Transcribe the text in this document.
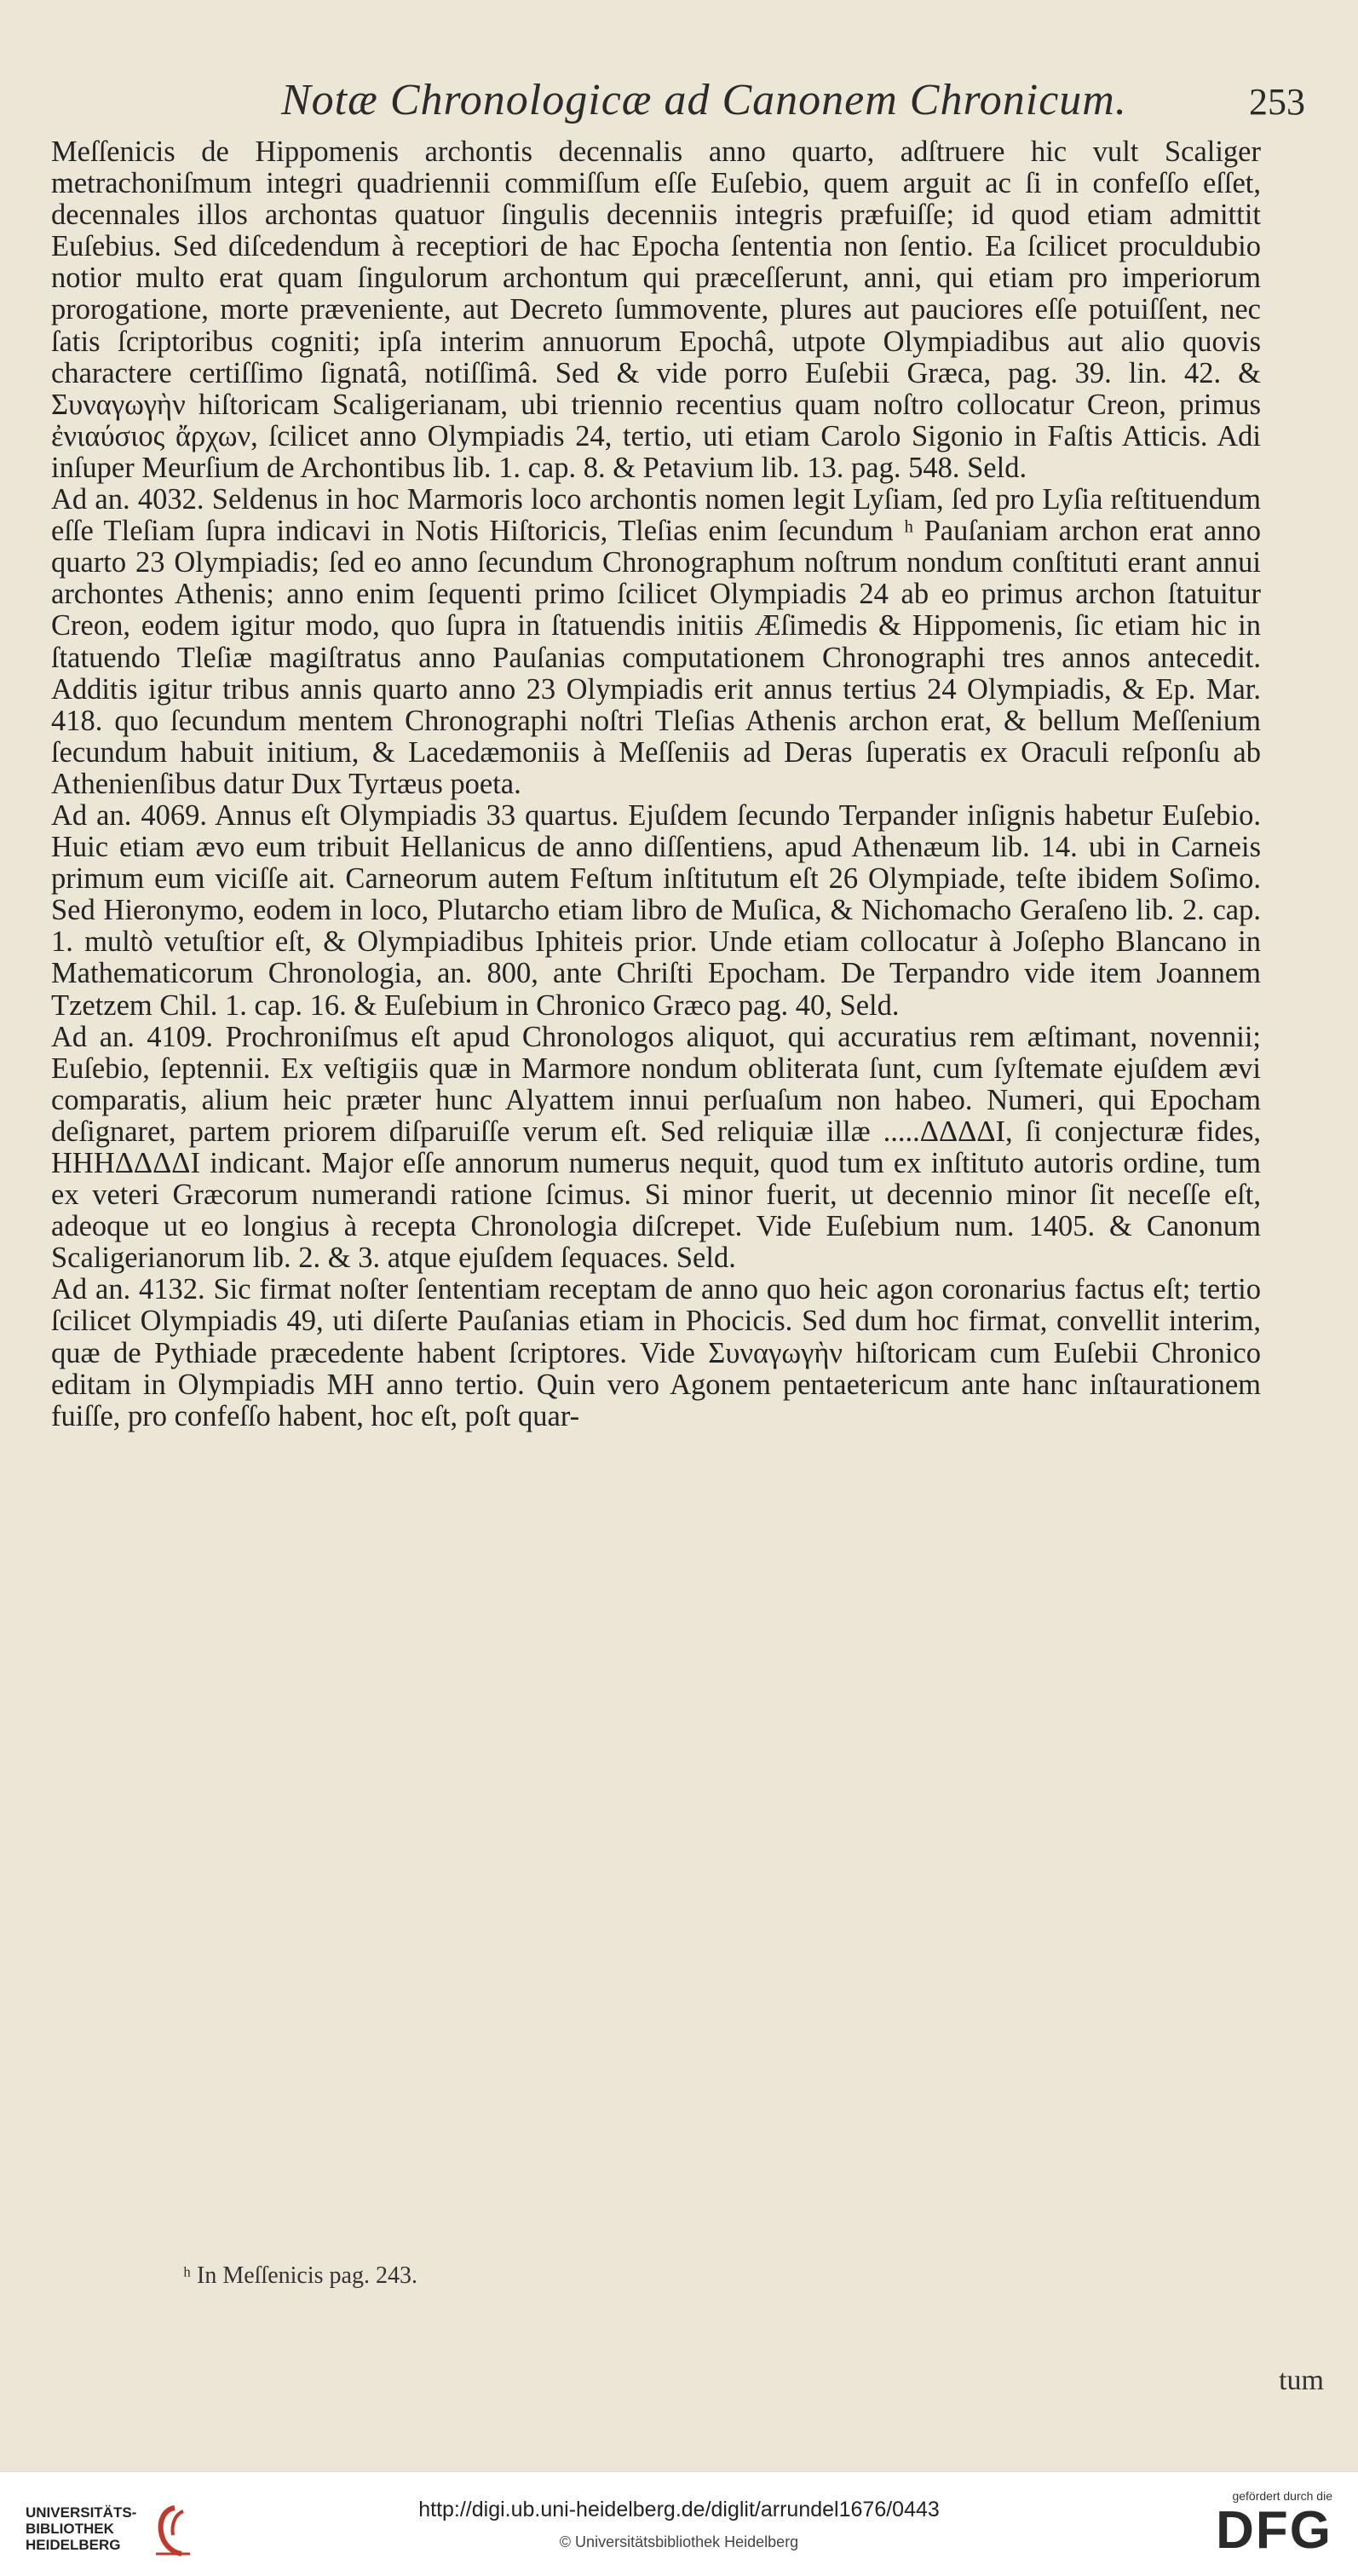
Notæ Chronologicæ ad Canonem Chronicum.	253

Meſſenicis de Hippomenis archontis decennalis anno quarto, adſtruere hic vult Scaliger metrachoniſmum integri quadriennii commiſſum eſſe Euſebio, quem arguit ac ſi in confeſſo eſſet, decennales illos archontas quatuor ſingulis decenniis integris præfuiſſe; id quod etiam admittit Euſebius. Sed diſcedendum à receptiori de hac Epocha ſententia non ſentio. Ea ſcilicet proculdubio notior multo erat quam ſingulorum archontum qui præceſſerunt, anni, qui etiam pro imperiorum prorogatione, morte præveniente, aut Decreto ſummovente, plures aut pauciores eſſe potuiſſent, nec ſatis ſcriptoribus cogniti; ipſa interim annuorum Epochâ, utpote Olympiadibus aut alio quovis charactere certiſſimo ſignatâ, notiſſimâ. Sed & vide porro Euſebii Græca, pag. 39. lin. 42. & Συναγωγὴν hiſtoricam Scaligerianam, ubi triennio recentius quam noſtro collocatur Creon, primus ἐνιαύσιος ἄρχων, ſcilicet anno Olympiadis 24, tertio, uti etiam Carolo Sigonio in Faſtis Atticis. Adi inſuper Meurſium de Archontibus lib. 1. cap. 8. & Petavium lib. 13. pag. 548. Seld.

Ad an. 4032. Seldenus in hoc Marmoris loco archontis nomen legit Lyſiam, ſed pro Lyſia reſtituendum eſſe Tleſiam ſupra indicavi in Notis Hiſtoricis, Tleſias enim ſecundum ʰ Pauſaniam archon erat anno quarto 23 Olympiadis; ſed eo anno ſecundum Chronographum noſtrum nondum conſtituti erant annui archontes Athenis; anno enim ſequenti primo ſcilicet Olympiadis 24 ab eo primus archon ſtatuitur Creon, eodem igitur modo, quo ſupra in ſtatuendis initiis Æſimedis & Hippomenis, ſic etiam hic in ſtatuendo Tleſiæ magiſtratus anno Pauſanias computationem Chronographi tres annos antecedit. Additis igitur tribus annis quarto anno 23 Olympiadis erit annus tertius 24 Olympiadis, & Ep. Mar. 418. quo ſecundum mentem Chronographi noſtri Tleſias Athenis archon erat, & bellum Meſſenium ſecundum habuit initium, & Lacedæmoniis à Meſſeniis ad Deras ſuperatis ex Oraculi reſponſu ab Athenienſibus datur Dux Tyrtæus poeta.

Ad an. 4069. Annus eſt Olympiadis 33 quartus. Ejuſdem ſecundo Terpander inſignis habetur Euſebio. Huic etiam ævo eum tribuit Hellanicus de anno diſſentiens, apud Athenæum lib. 14. ubi in Carneis primum eum viciſſe ait. Carneorum autem Feſtum inſtitutum eſt 26 Olympiade, teſte ibidem Soſimo. Sed Hieronymo, eodem in loco, Plutarcho etiam libro de Muſica, & Nichomacho Geraſeno lib. 2. cap. 1. multò vetuſtior eſt, & Olympiadibus Iphiteis prior. Unde etiam collocatur à Joſepho Blancano in Mathematicorum Chronologia, an. 800, ante Chriſti Epocham. De Terpandro vide item Joannem Tzetzem Chil. 1. cap. 16. & Euſebium in Chronico Græco pag. 40, Seld.

Ad an. 4109. Prochroniſmus eſt apud Chronologos aliquot, qui accuratius rem æſtimant, novennii; Euſebio, ſeptennii. Ex veſtigiis quæ in Marmore nondum obliterata ſunt, cum ſyſtemate ejuſdem ævi comparatis, alium heic præter hunc Alyattem innui perſuaſum non habeo. Numeri, qui Epocham deſignaret, partem priorem diſparuiſſe verum eſt. Sed reliquiæ illæ .....ΔΔΔΔΙ, ſi conjecturæ fides, ΗΗΗΔΔΔΔΙ indicant. Major eſſe annorum numerus nequit, quod tum ex inſtituto autoris ordine, tum ex veteri Græcorum numerandi ratione ſcimus. Si minor fuerit, ut decennio minor ſit neceſſe eſt, adeoque ut eo longius à recepta Chronologia diſcrepet. Vide Euſebium num. 1405. & Canonum Scaligerianorum lib. 2. & 3. atque ejuſdem ſequaces. Seld.

Ad an. 4132. Sic firmat noſter ſententiam receptam de anno quo heic agon coronarius factus eſt; tertio ſcilicet Olympiadis 49, uti diſerte Pauſanias etiam in Phocicis. Sed dum hoc firmat, convellit interim, quæ de Pythiade præcedente habent ſcriptores. Vide Συναγωγὴν hiſtoricam cum Euſebii Chronico editam in Olympiadis MH anno tertio. Quin vero Agonem pentaetericum ante hanc inſtaurationem fuiſſe, pro confeſſo habent, hoc eſt, poſt quar-

ʰ In Meſſenicis pag. 243.
tum
UNIVERSITÄTS-
BIBLIOTHEK
HEIDELBERG
http://digi.ub.uni-heidelberg.de/diglit/arrundel1676/0443
© Universitätsbibliothek Heidelberg
gefördert durch die
DFG
